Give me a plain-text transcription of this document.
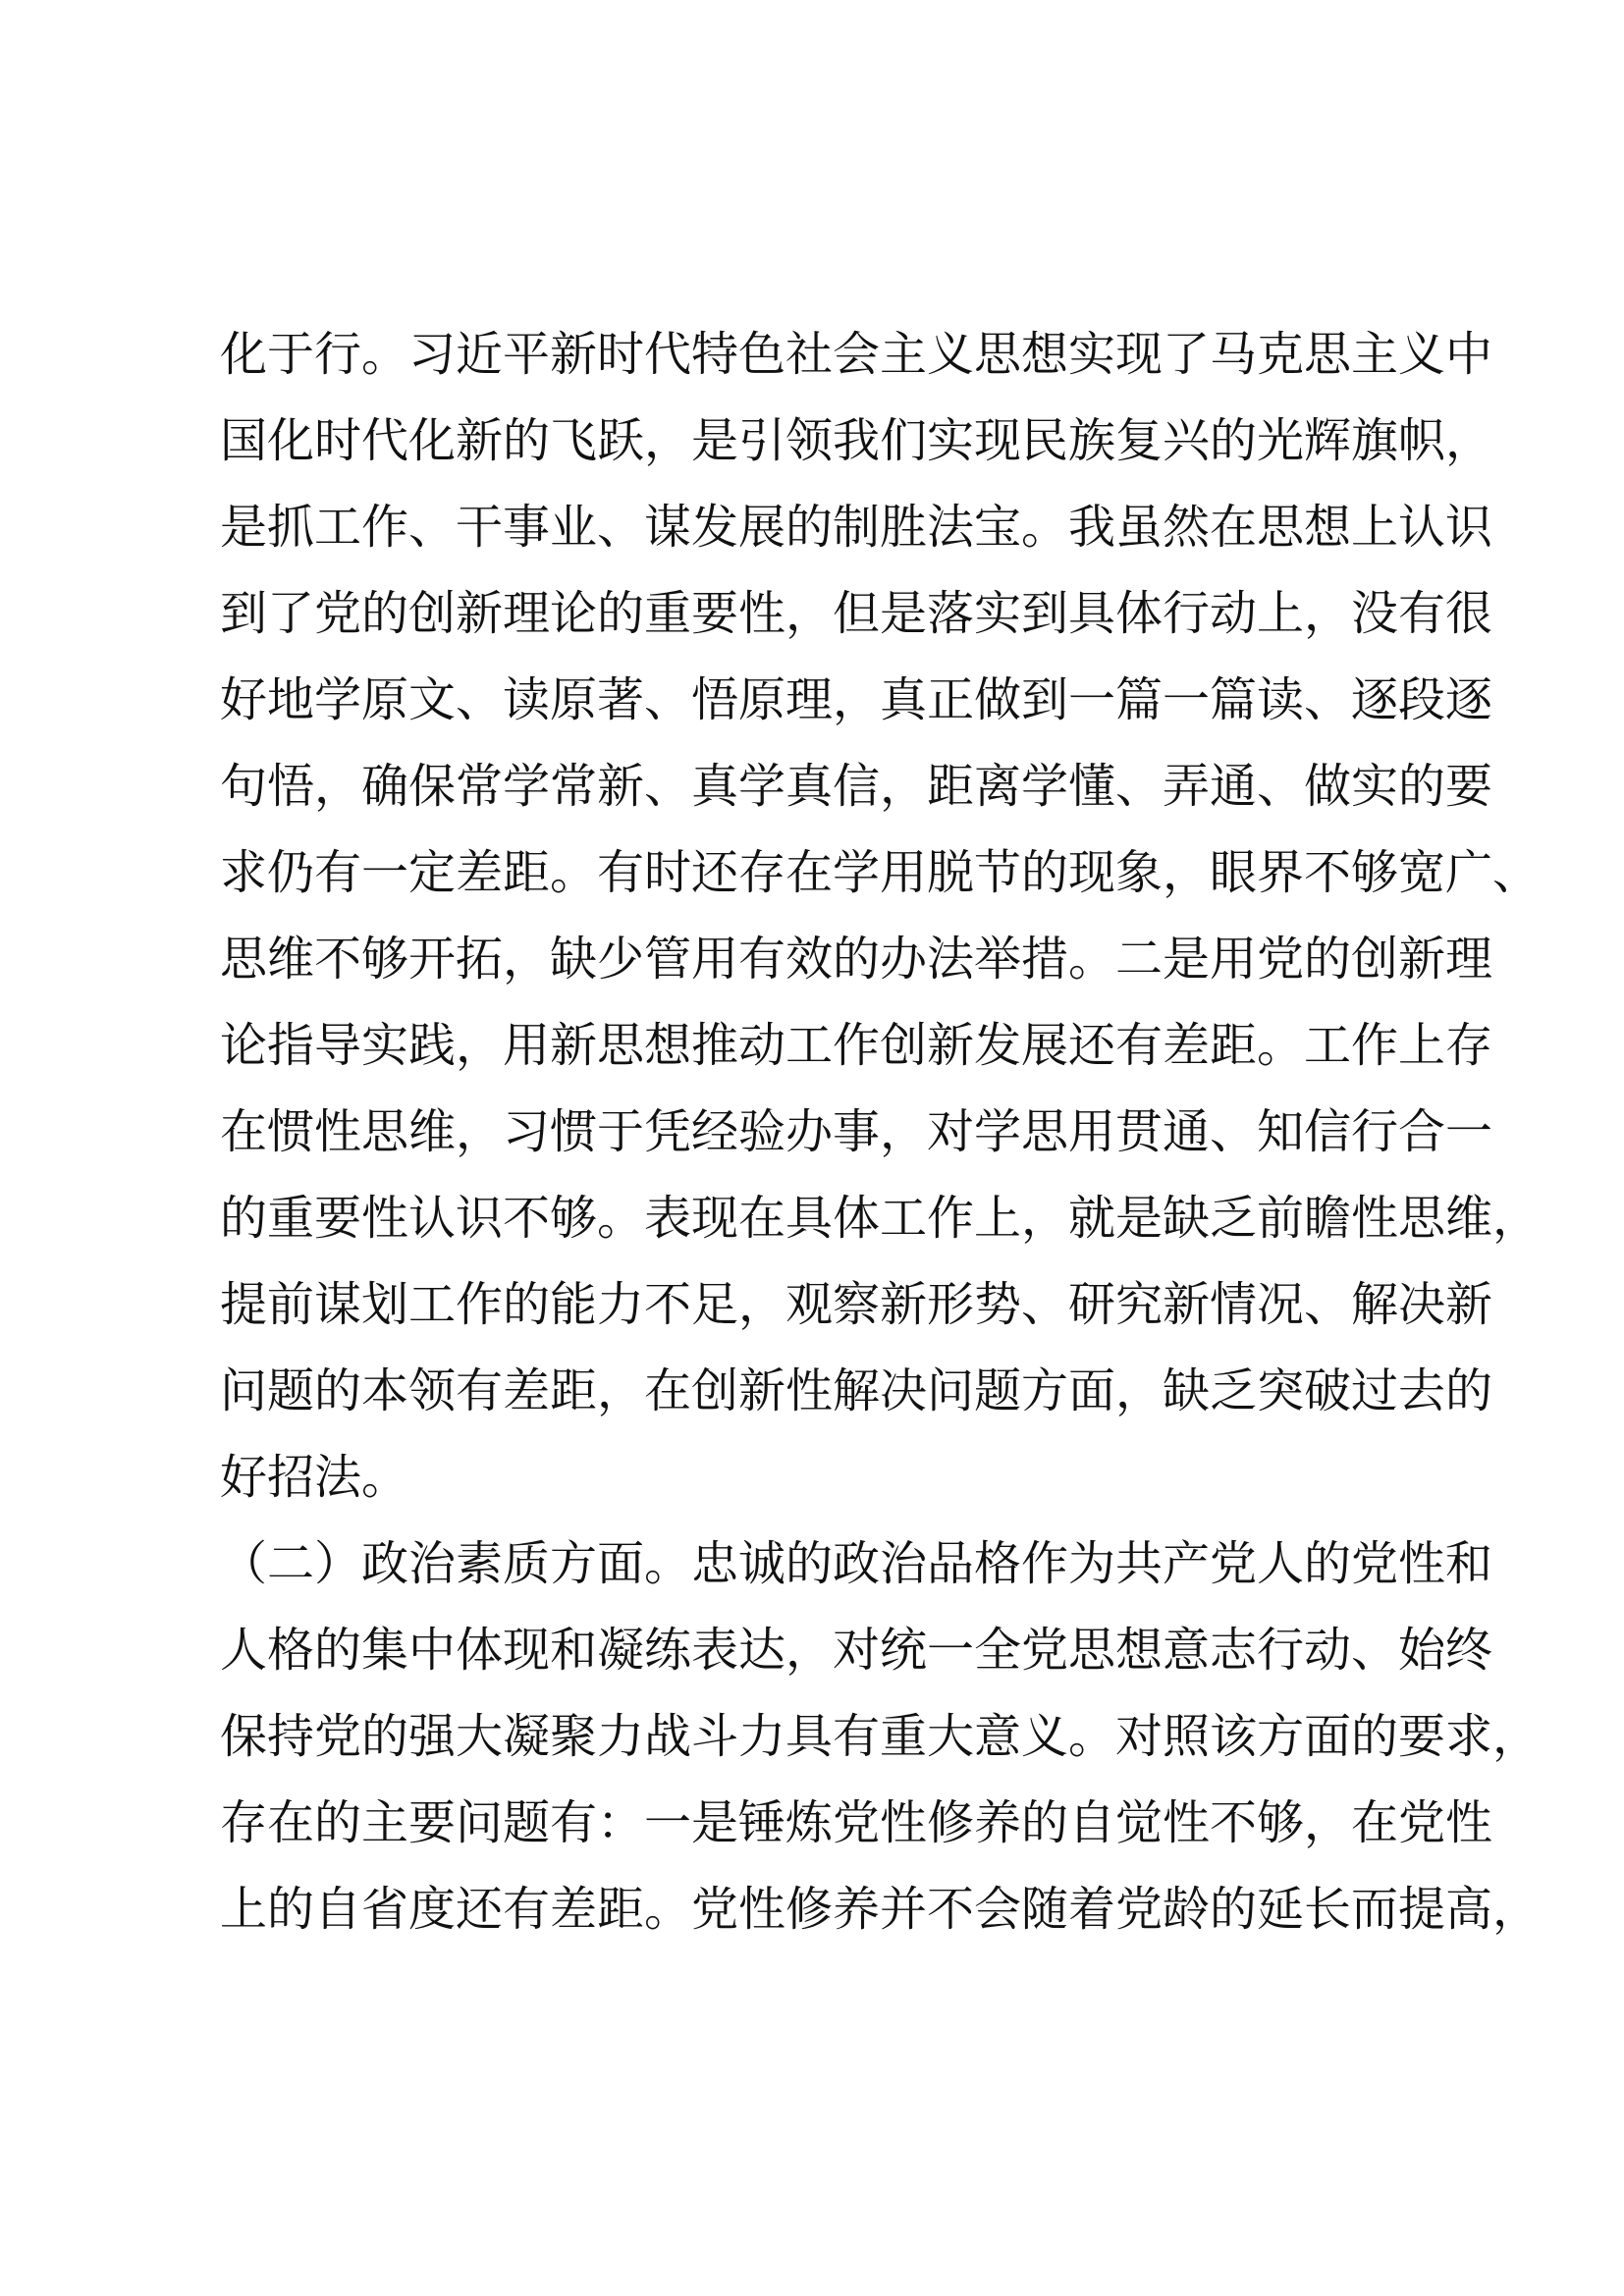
化于行。习近平新时代特色社会主义思想实现了马克思主义中
国化时代化新的飞跃，是引领我们实现民族复兴的光辉旗帜，
是抓工作、干事业、谋发展的制胜法宝。我虽然在思想上认识
到了党的创新理论的重要性，但是落实到具体行动上，没有很
好地学原文、读原著、悟原理，真正做到一篇一篇读、逐段逐
句悟，确保常学常新、真学真信，距离学懂、弄通、做实的要
求仍有一定差距。有时还存在学用脱节的现象，眼界不够宽广、
思维不够开拓，缺少管用有效的办法举措。二是用党的创新理
论指导实践，用新思想推动工作创新发展还有差距。工作上存
在惯性思维，习惯于凭经验办事，对学思用贯通、知信行合一
的重要性认识不够。表现在具体工作上，就是缺乏前瞻性思维，
提前谋划工作的能力不足，观察新形势、研究新情况、解决新
问题的本领有差距，在创新性解决问题方面，缺乏突破过去的
好招法。
（二）政治素质方面。忠诚的政治品格作为共产党人的党性和
人格的集中体现和凝练表达，对统一全党思想意志行动、始终
保持党的强大凝聚力战斗力具有重大意义。对照该方面的要求，
存在的主要问题有：一是锤炼党性修养的自觉性不够，在党性
上的自省度还有差距。党性修养并不会随着党龄的延长而提高，
